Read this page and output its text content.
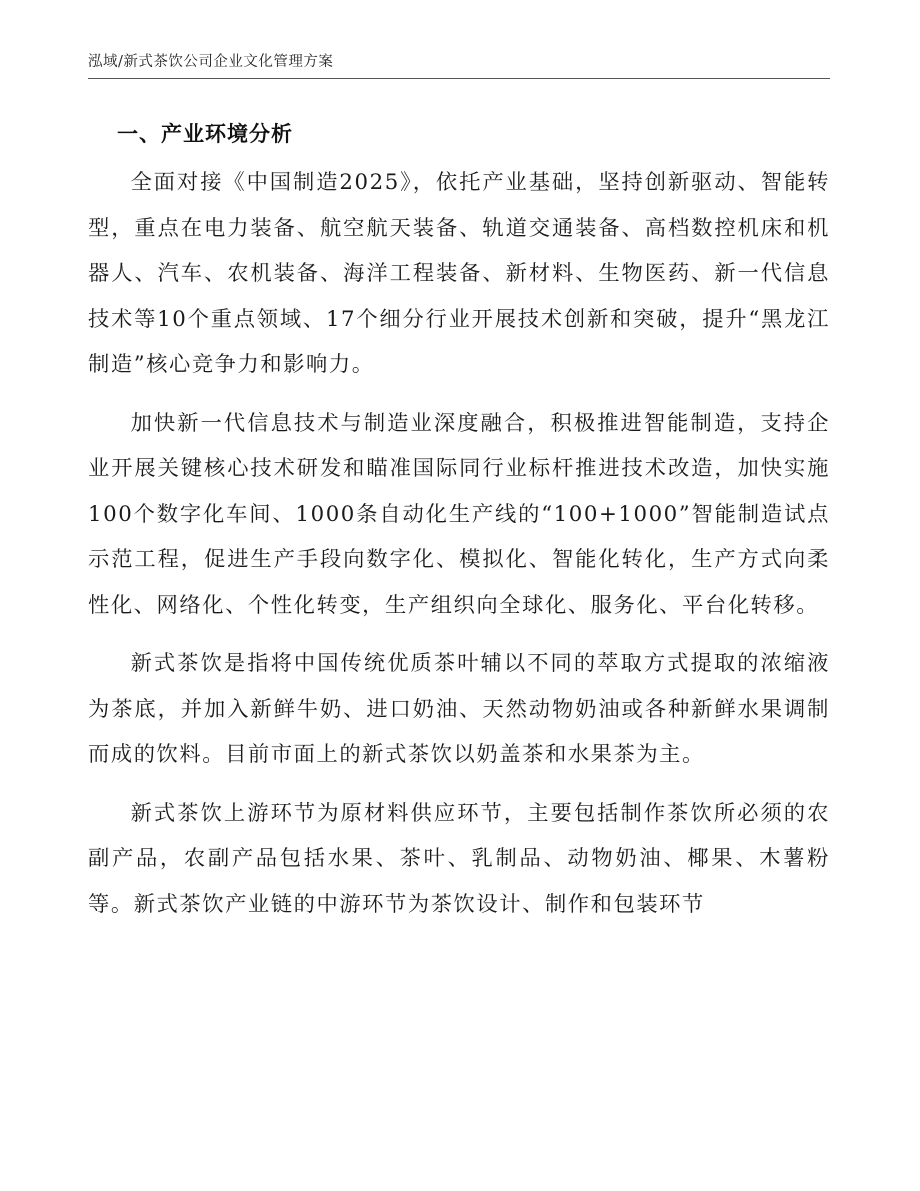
泓域/新式茶饮公司企业文化管理方案
一、产业环境分析

全面对接《中国制造2025》，依托产业基础，坚持创新驱动、智能转型，重点在电力装备、航空航天装备、轨道交通装备、高档数控机床和机器人、汽车、农机装备、海洋工程装备、新材料、生物医药、新一代信息技术等10个重点领域、17个细分行业开展技术创新和突破，提升“黑龙江制造”核心竞争力和影响力。

加快新一代信息技术与制造业深度融合，积极推进智能制造，支持企业开展关键核心技术研发和瞄准国际同行业标杆推进技术改造，加快实施100个数字化车间、1000条自动化生产线的“100+1000”智能制造试点示范工程，促进生产手段向数字化、模拟化、智能化转化，生产方式向柔性化、网络化、个性化转变，生产组织向全球化、服务化、平台化转移。

新式茶饮是指将中国传统优质茶叶辅以不同的萃取方式提取的浓缩液为茶底，并加入新鲜牛奶、进口奶油、天然动物奶油或各种新鲜水果调制而成的饮料。目前市面上的新式茶饮以奶盖茶和水果茶为主。

新式茶饮上游环节为原材料供应环节，主要包括制作茶饮所必须的农副产品，农副产品包括水果、茶叶、乳制品、动物奶油、椰果、木薯粉等。新式茶饮产业链的中游环节为茶饮设计、制作和包装环节
